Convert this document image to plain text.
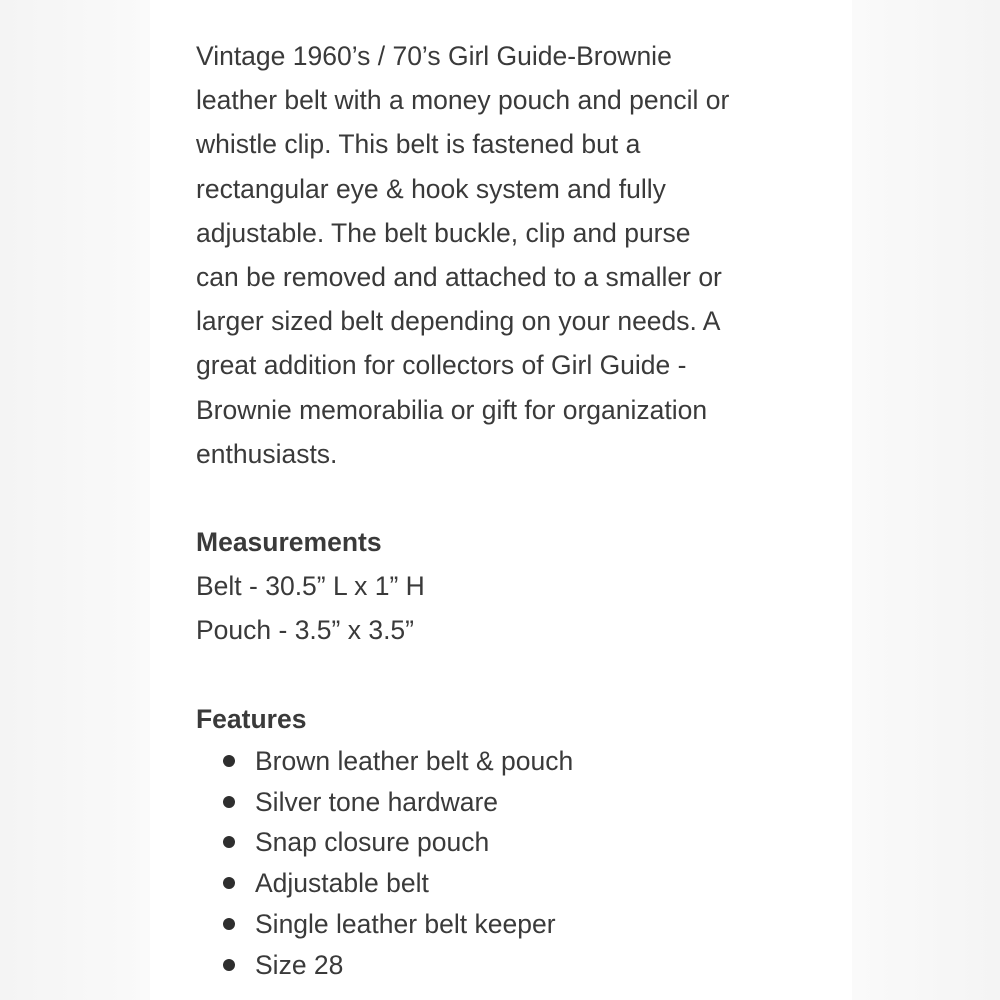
Vintage 1960’s / 70’s Girl Guide-Brownie
leather belt with a money pouch and pencil or
whistle clip. This belt is fastened but a
rectangular eye & hook system and fully
adjustable. The belt buckle, clip and purse
can be removed and attached to a smaller or
larger sized belt depending on your needs. A
great addition for collectors of Girl Guide -
Brownie memorabilia or gift for organization
enthusiasts.

Measurements

Belt - 30.5” L x 1” H

Pouch - 3.5” x 3.5”

Features

Brown leather belt & pouch
Silver tone hardware
Snap closure pouch
Adjustable belt
Single leather belt keeper
Size 28
